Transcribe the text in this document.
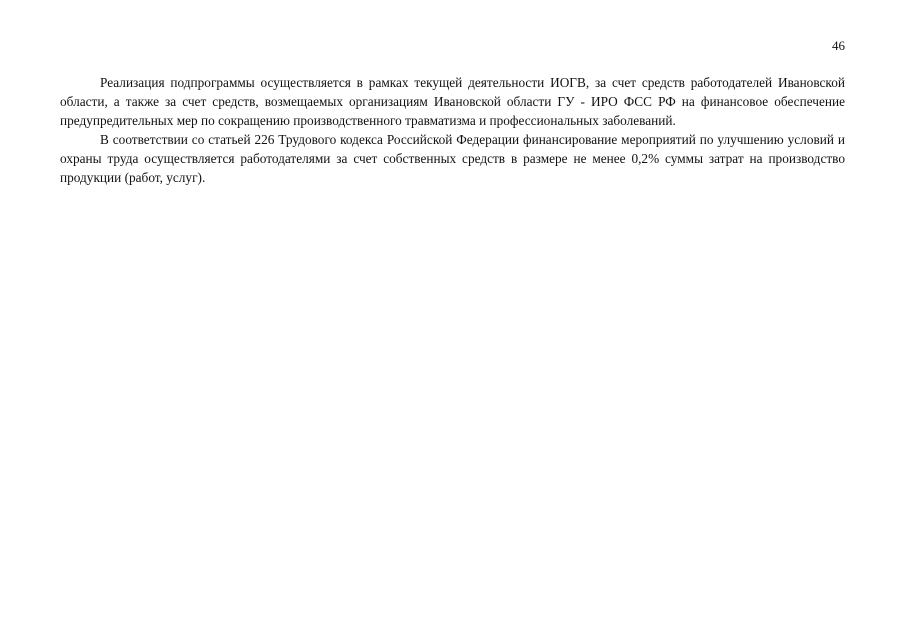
46

Реализация подпрограммы осуществляется в рамках текущей деятельности ИОГВ, за счет средств работодателей Ивановской области, а также за счет средств, возмещаемых организациям Ивановской области ГУ - ИРО ФСС РФ на финансовое обеспечение предупредительных мер по сокращению производственного травматизма и профессиональных заболеваний.

В соответствии со статьей 226 Трудового кодекса Российской Федерации финансирование мероприятий по улучшению условий и охраны труда осуществляется работодателями за счет собственных средств в размере не менее 0,2% суммы затрат на производство продукции (работ, услуг).
